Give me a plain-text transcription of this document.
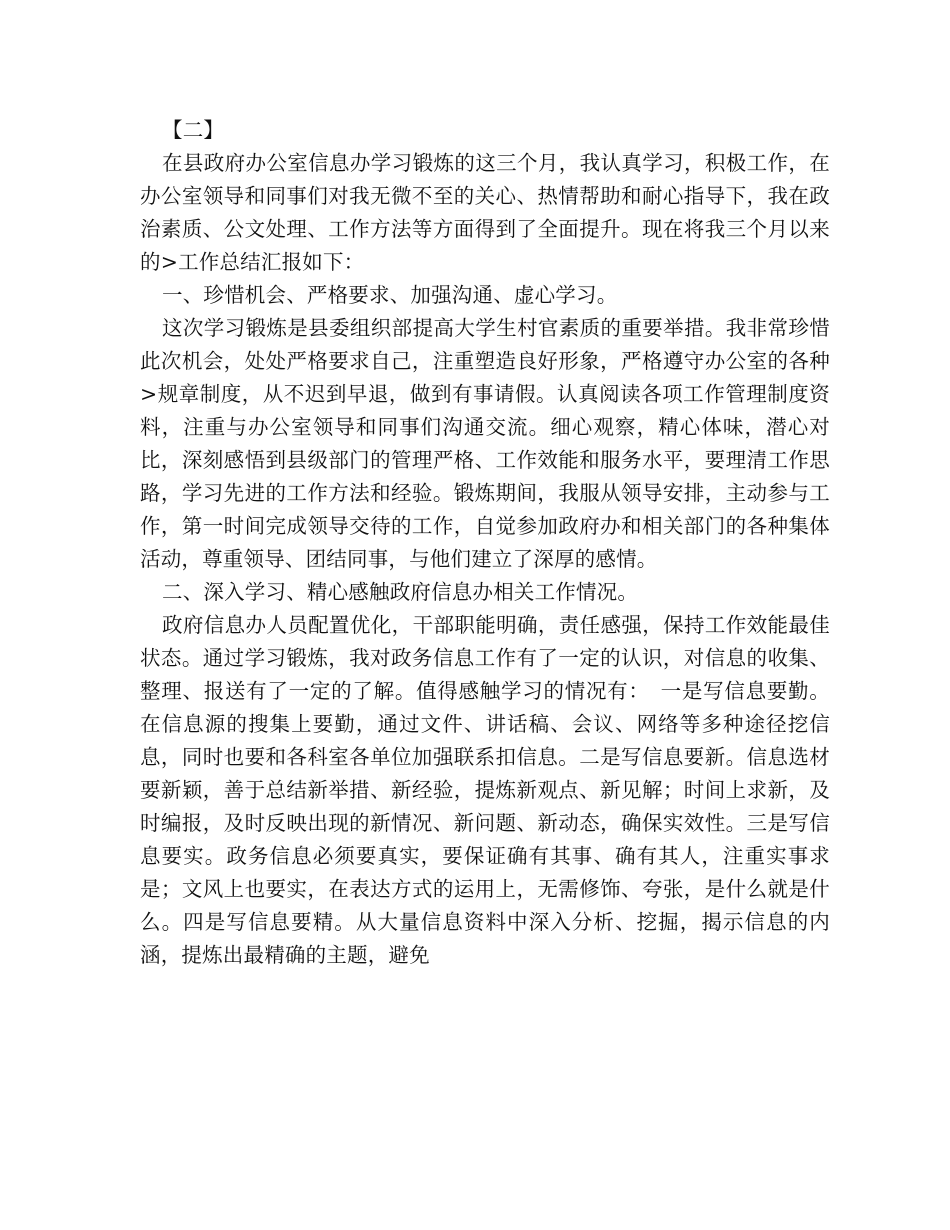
【二】

在县政府办公室信息办学习锻炼的这三个月，我认真学习，积极工作，在办公室领导和同事们对我无微不至的关心、热情帮助和耐心指导下，我在政治素质、公文处理、工作方法等方面得到了全面提升。现在将我三个月以来的>工作总结汇报如下：

一、珍惜机会、严格要求、加强沟通、虚心学习。

这次学习锻炼是县委组织部提高大学生村官素质的重要举措。我非常珍惜此次机会，处处严格要求自己，注重塑造良好形象，严格遵守办公室的各种>规章制度，从不迟到早退，做到有事请假。认真阅读各项工作管理制度资料，注重与办公室领导和同事们沟通交流。细心观察，精心体味，潜心对比，深刻感悟到县级部门的管理严格、工作效能和服务水平，要理清工作思路，学习先进的工作方法和经验。锻炼期间，我服从领导安排，主动参与工作，第一时间完成领导交待的工作，自觉参加政府办和相关部门的各种集体活动，尊重领导、团结同事，与他们建立了深厚的感情。

二、深入学习、精心感触政府信息办相关工作情况。

政府信息办人员配置优化，干部职能明确，责任感强，保持工作效能最佳状态。通过学习锻炼，我对政务信息工作有了一定的认识，对信息的收集、整理、报送有了一定的了解。值得感触学习的情况有：　一是写信息要勤。在信息源的搜集上要勤，通过文件、讲话稿、会议、网络等多种途径挖信息，同时也要和各科室各单位加强联系扣信息。二是写信息要新。信息选材要新颖，善于总结新举措、新经验，提炼新观点、新见解；时间上求新，及时编报，及时反映出现的新情况、新问题、新动态，确保实效性。三是写信息要实。政务信息必须要真实，要保证确有其事、确有其人，注重实事求是；文风上也要实，在表达方式的运用上，无需修饰、夸张，是什么就是什么。四是写信息要精。从大量信息资料中深入分析、挖掘，揭示信息的内涵，提炼出最精确的主题，避免
